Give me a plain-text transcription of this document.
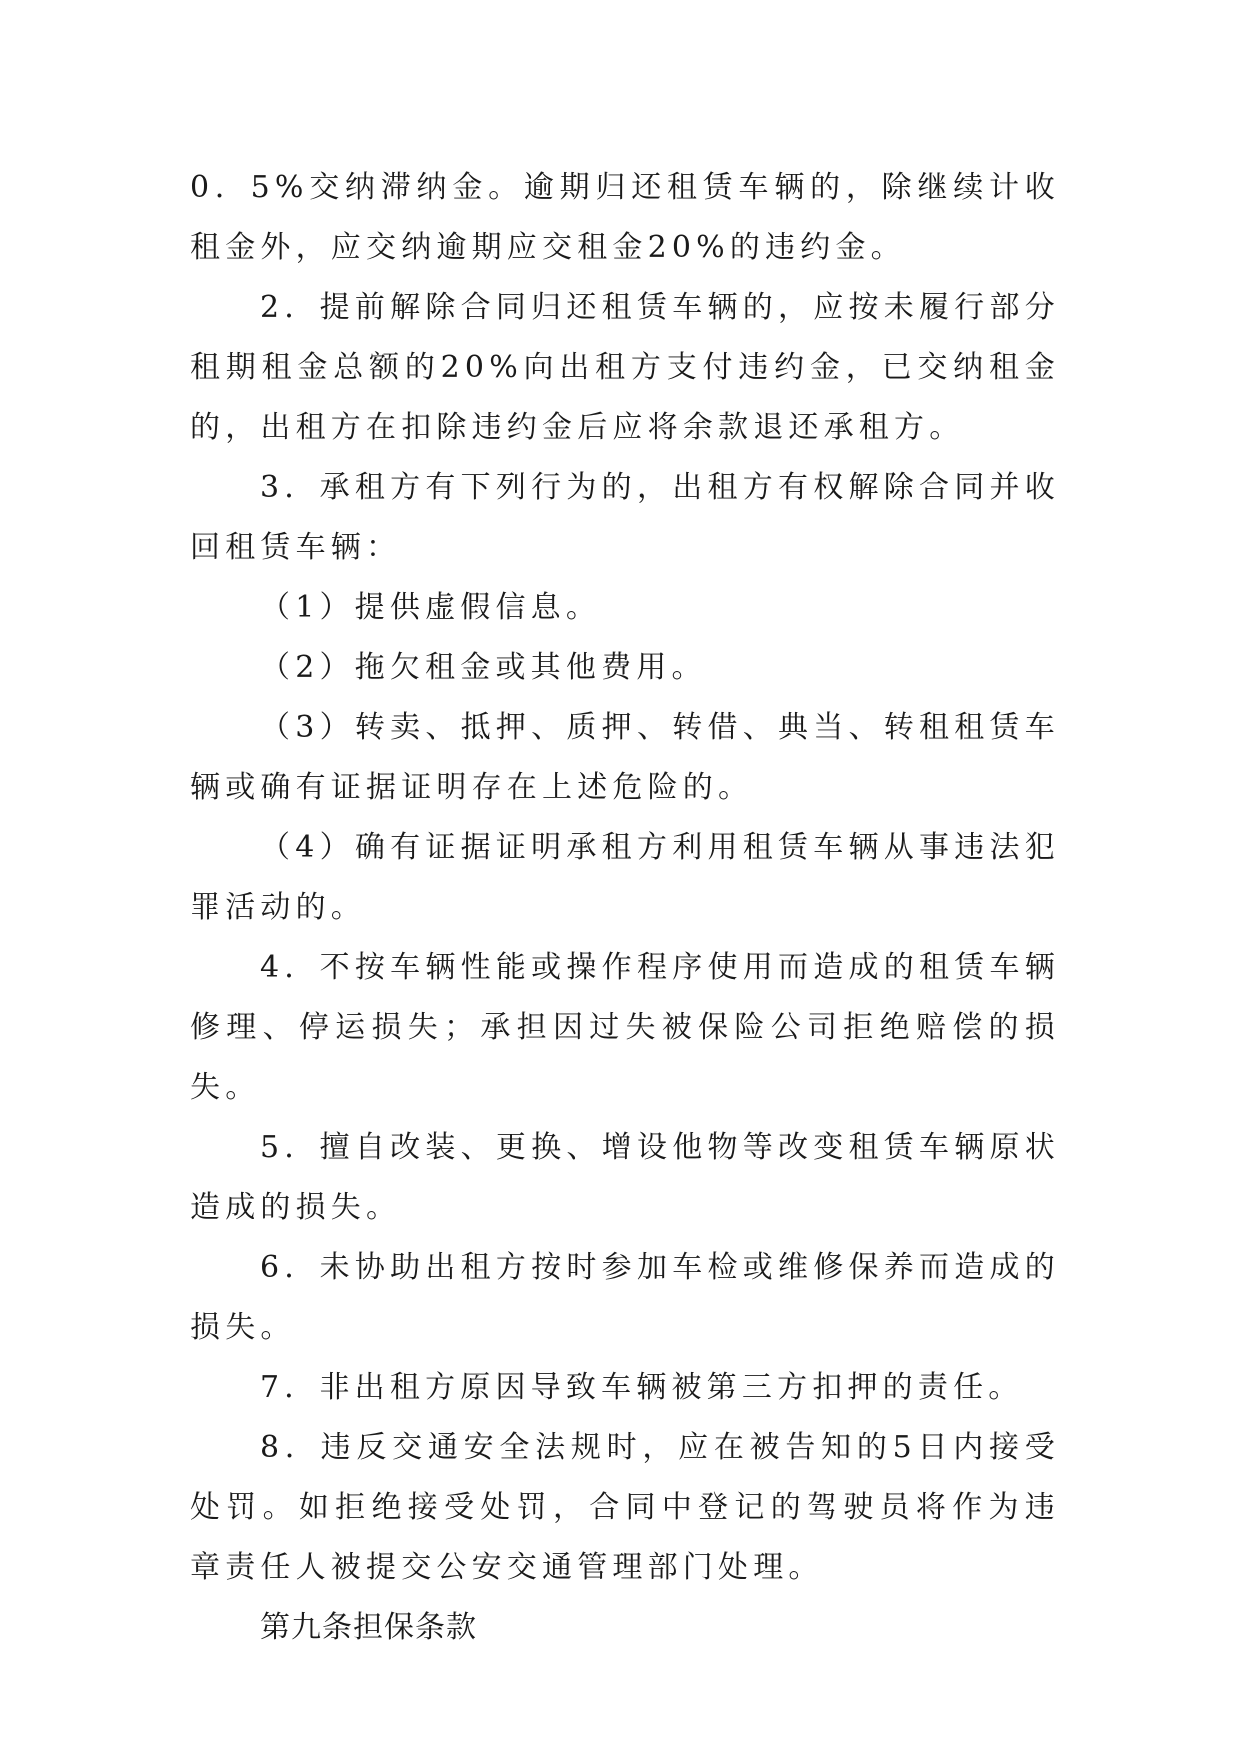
0．5%交纳滞纳金。逾期归还租赁车辆的，除继续计收租金外，应交纳逾期应交租金20%的违约金。

2．提前解除合同归还租赁车辆的，应按未履行部分租期租金总额的20%向出租方支付违约金，已交纳租金的，出租方在扣除违约金后应将余款退还承租方。

3．承租方有下列行为的，出租方有权解除合同并收回租赁车辆：

（1）提供虚假信息。

（2）拖欠租金或其他费用。

（3）转卖、抵押、质押、转借、典当、转租租赁车辆或确有证据证明存在上述危险的。

（4）确有证据证明承租方利用租赁车辆从事违法犯罪活动的。

4．不按车辆性能或操作程序使用而造成的租赁车辆修理、停运损失；承担因过失被保险公司拒绝赔偿的损失。

5．擅自改装、更换、增设他物等改变租赁车辆原状造成的损失。

6．未协助出租方按时参加车检或维修保养而造成的损失。

7．非出租方原因导致车辆被第三方扣押的责任。

8．违反交通安全法规时，应在被告知的5日内接受处罚。如拒绝接受处罚，合同中登记的驾驶员将作为违章责任人被提交公安交通管理部门处理。

第九条担保条款
